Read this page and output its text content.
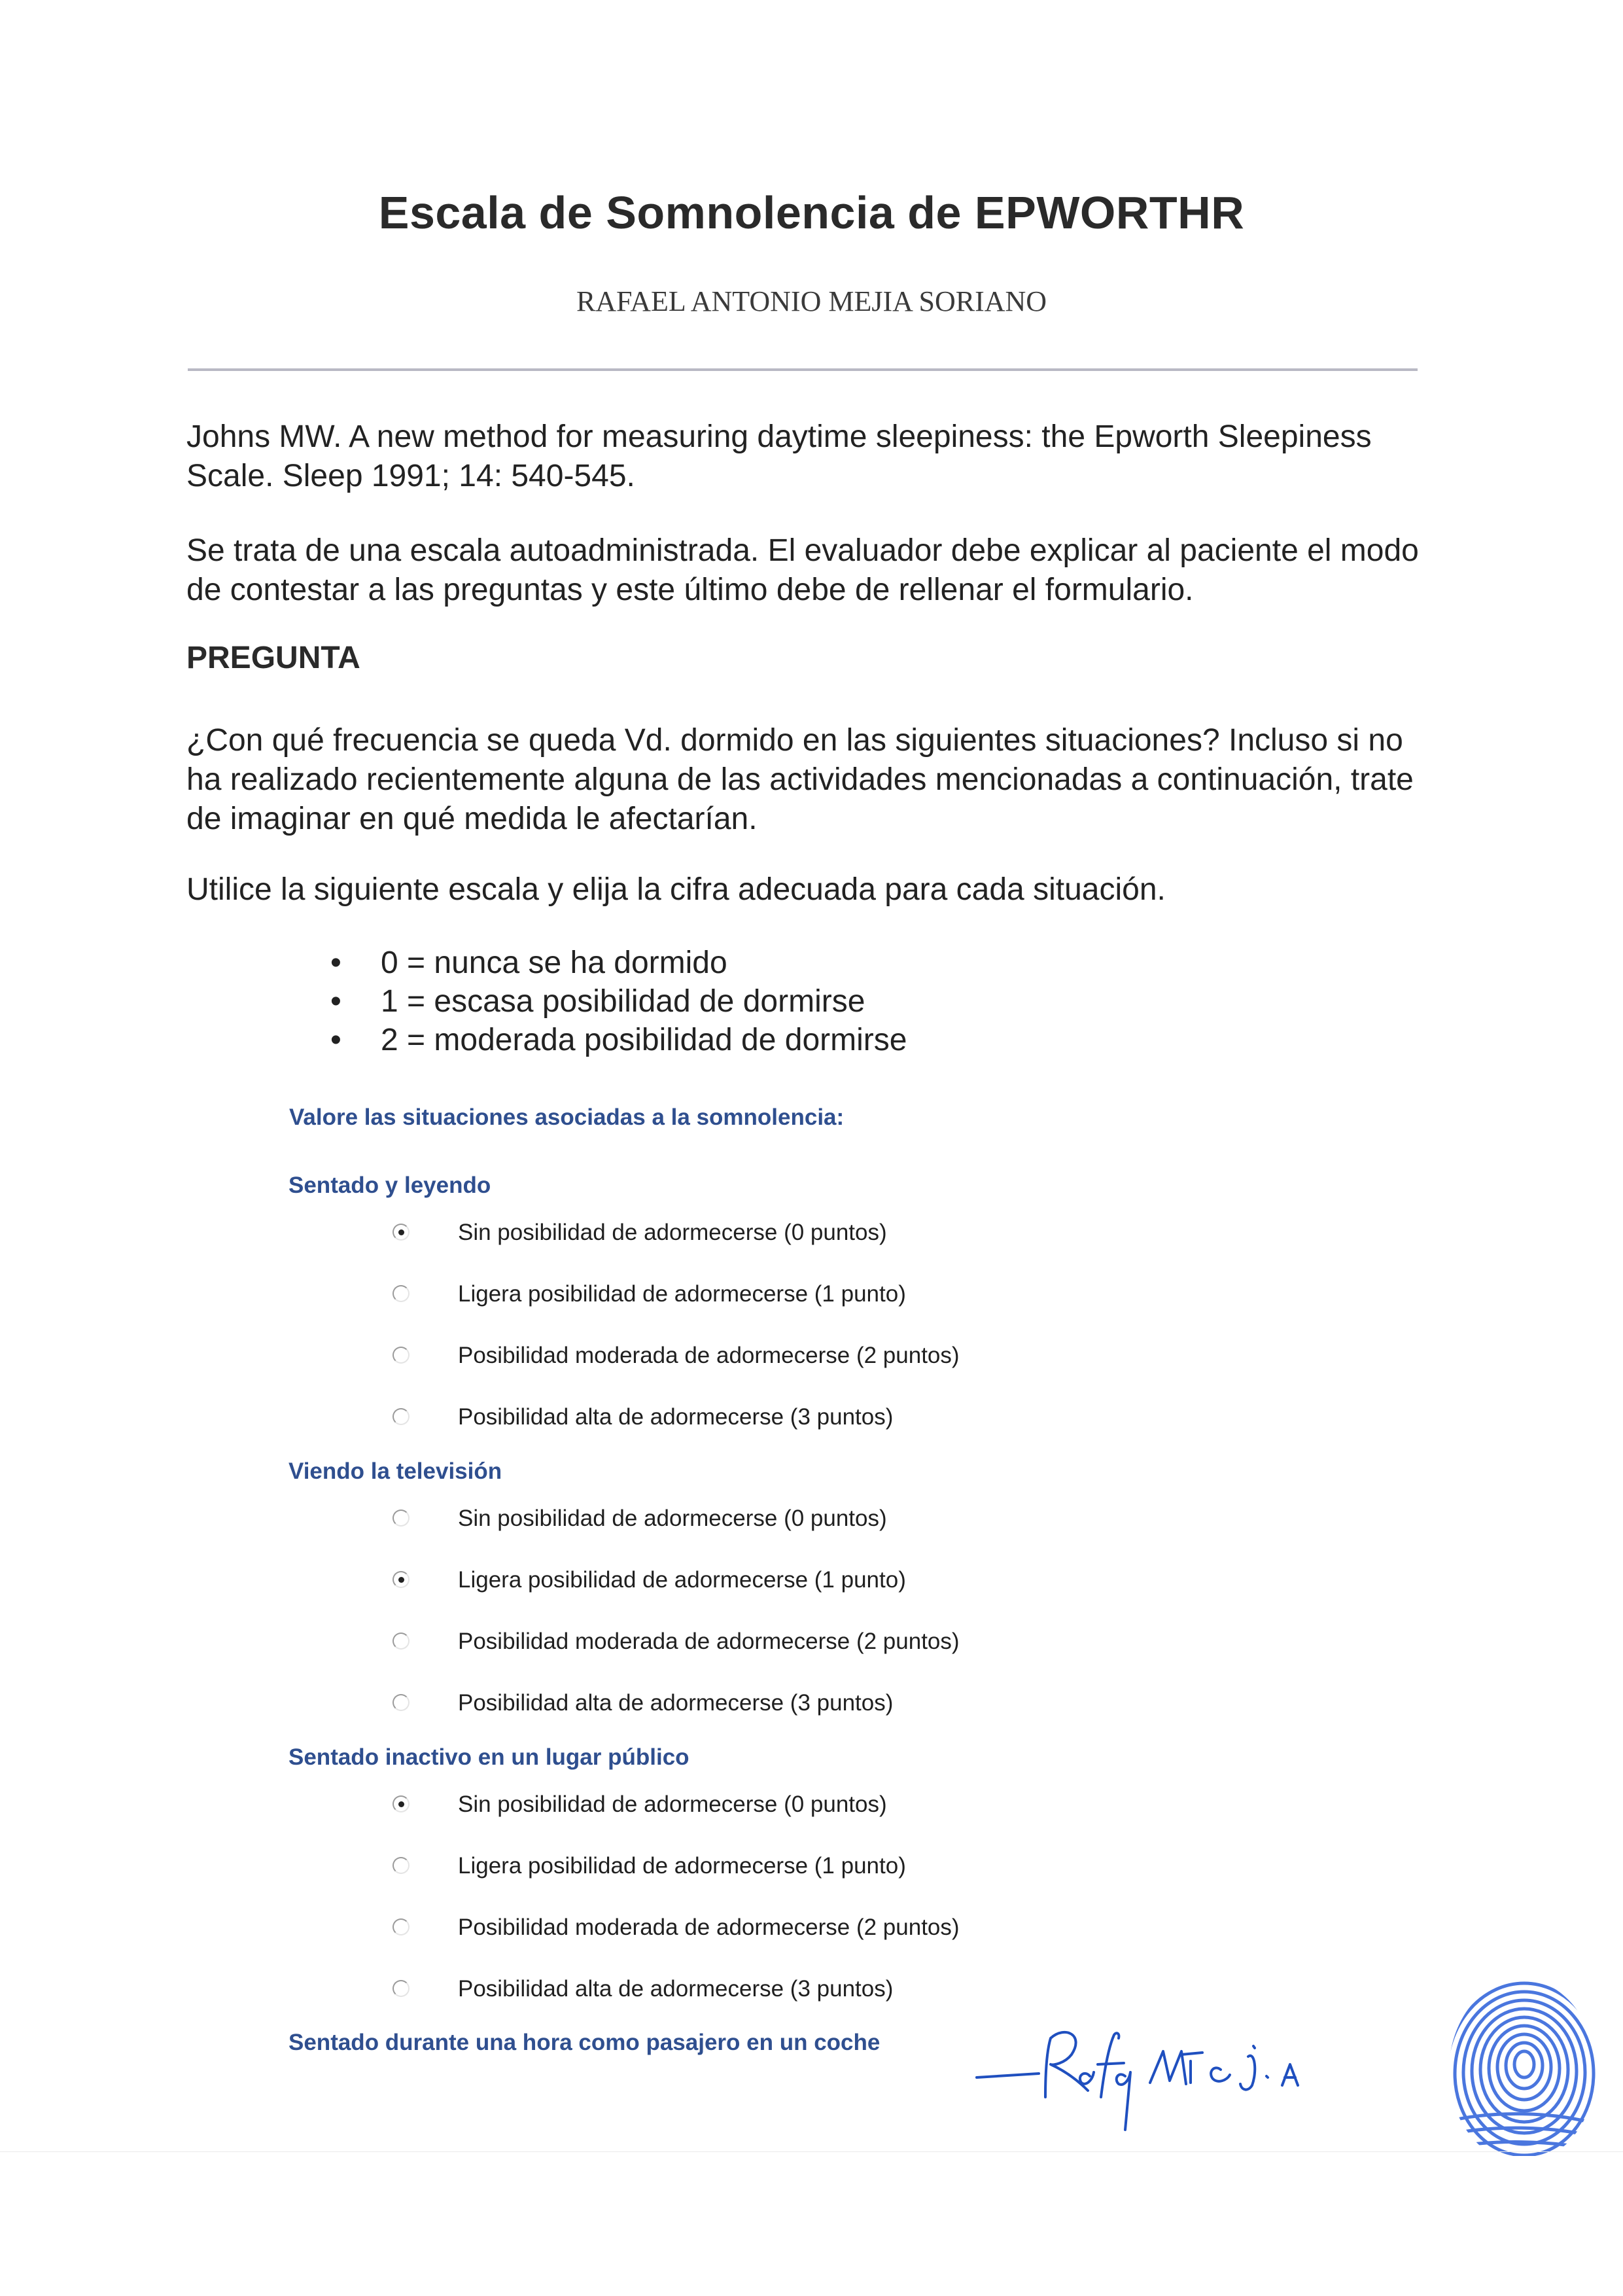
Escala de Somnolencia de EPWORTHR
RAFAEL ANTONIO MEJIA SORIANO
Johns MW. A new method for measuring daytime sleepiness: the Epworth Sleepiness Scale. Sleep 1991; 14: 540-545.
Se trata de una escala autoadministrada. El evaluador debe explicar al paciente el modo de contestar a las preguntas y este último debe de rellenar el formulario.
PREGUNTA
¿Con qué frecuencia se queda Vd. dormido en las siguientes situaciones? Incluso si no ha realizado recientemente alguna de las actividades mencionadas a continuación, trate de imaginar en qué medida le afectarían.
Utilice la siguiente escala y elija la cifra adecuada para cada situación.
• 0 = nunca se ha dormido
• 1 = escasa posibilidad de dormirse
• 2 = moderada posibilidad de dormirse
Valore las situaciones asociadas a la somnolencia:
Sentado y leyendo
Sin posibilidad de adormecerse (0 puntos)
Ligera posibilidad de adormecerse (1 punto)
Posibilidad moderada de adormecerse (2 puntos)
Posibilidad alta de adormecerse (3 puntos)
Viendo la televisión
Sin posibilidad de adormecerse (0 puntos)
Ligera posibilidad de adormecerse (1 punto)
Posibilidad moderada de adormecerse (2 puntos)
Posibilidad alta de adormecerse (3 puntos)
Sentado inactivo en un lugar público
Sin posibilidad de adormecerse (0 puntos)
Ligera posibilidad de adormecerse (1 punto)
Posibilidad moderada de adormecerse (2 puntos)
Posibilidad alta de adormecerse (3 puntos)
Sentado durante una hora como pasajero en un coche
